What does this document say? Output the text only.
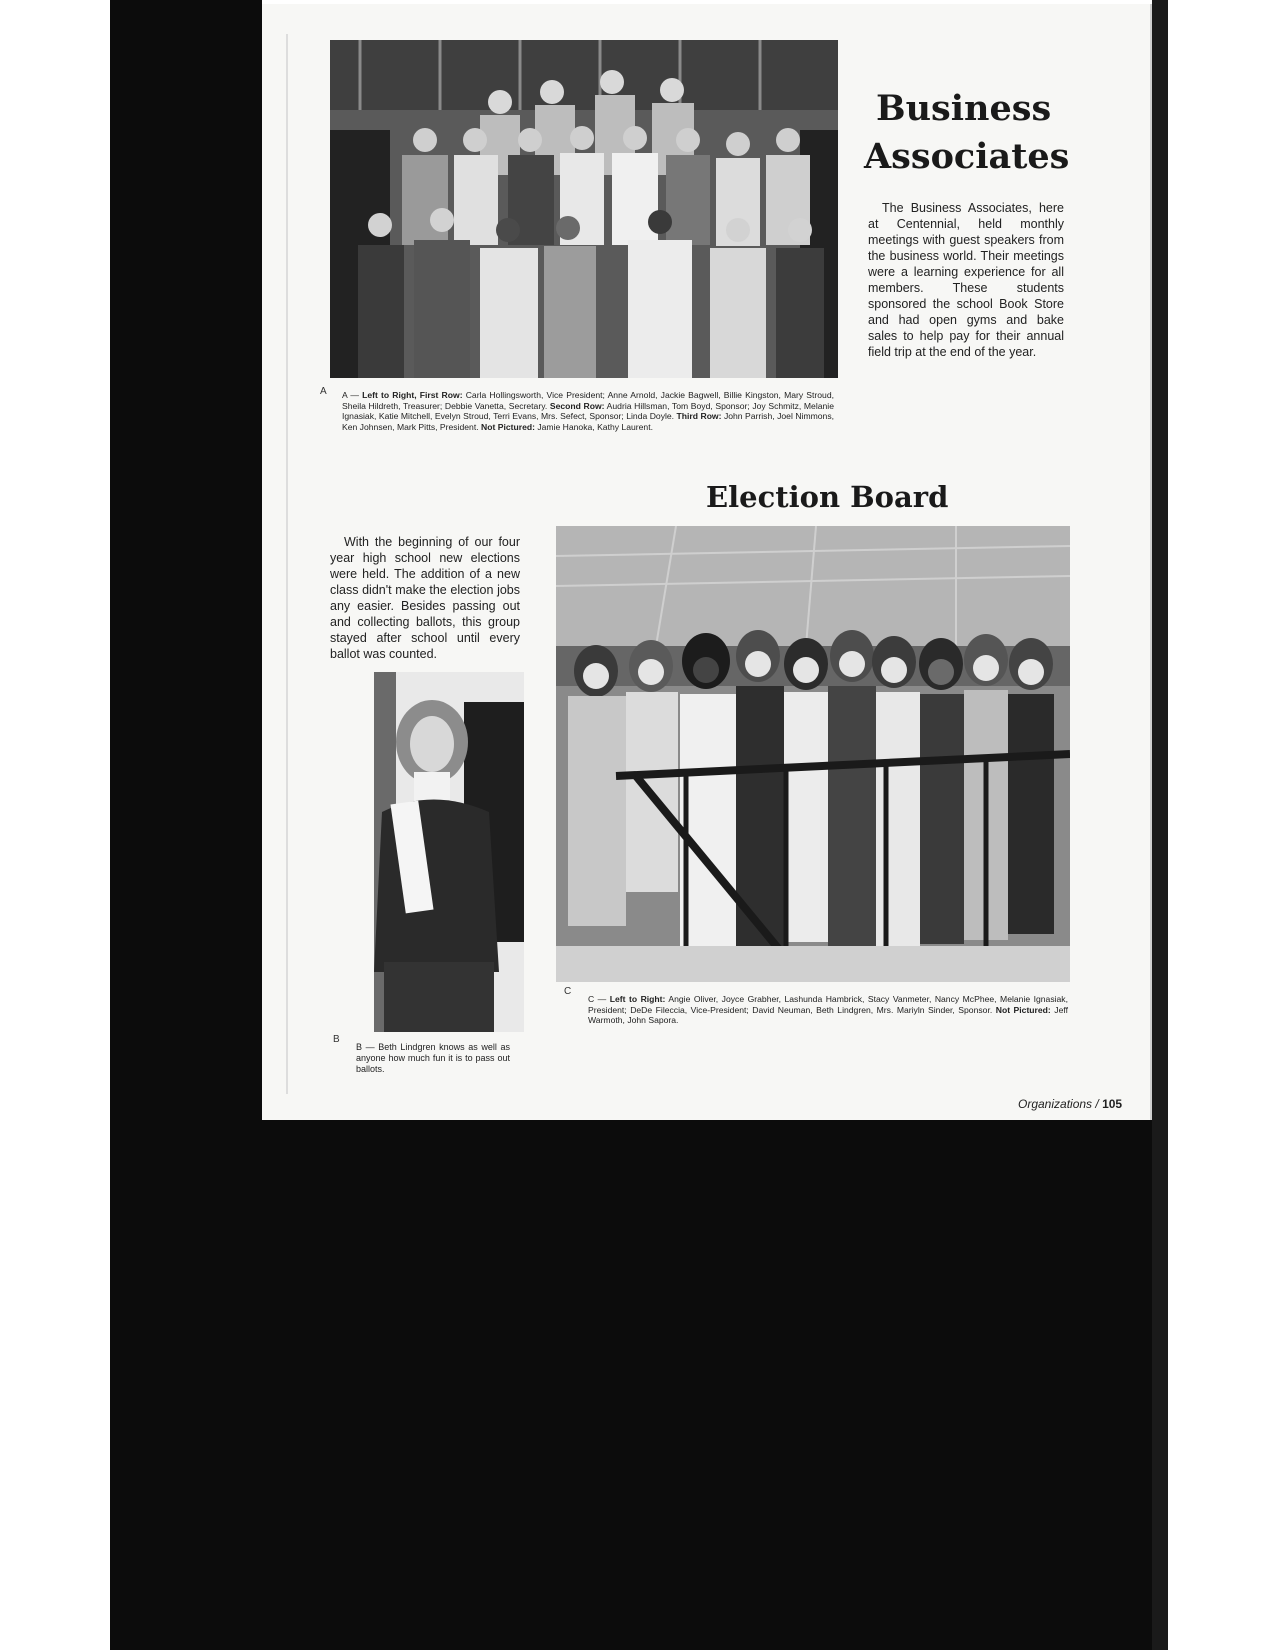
A A — Left to Right, First Row: Carla Hollingsworth, Vice President; Anne Arnold, Jackie Bagwell, Billie Kingston, Mary Stroud, Sheila Hildreth, Treasurer; Debbie Vanetta, Secretary. Second Row: Audria Hillsman, Tom Boyd, Sponsor; Joy Schmitz, Melanie Ignasiak, Katie Mitchell, Evelyn Stroud, Terri Evans, Mrs. Sefect, Sponsor; Linda Doyle. Third Row: John Parrish, Joel Nimmons, Ken Johnsen, Mark Pitts, President. Not Pictured: Jamie Hanoka, Kathy Laurent.

Business
Associates

The Business Associates, here at Centennial, held monthly meetings with guest speakers from the business world. Their meetings were a learning experience for all members. These students sponsored the school Book Store and had open gyms and bake sales to help pay for their annual field trip at the end of the year.

Election Board

With the beginning of our four year high school new elections were held. The addition of a new class didn't make the election jobs any easier. Besides passing out and collecting ballots, this group stayed after school until every ballot was counted.

B

B — Beth Lindgren knows as well as anyone how much fun it is to pass out ballots.

C

C — Left to Right: Angie Oliver, Joyce Grabher, Lashunda Hambrick, Stacy Vanmeter, Nancy McPhee, Melanie Ignasiak, President; DeDe Fileccia, Vice-President; David Neuman, Beth Lindgren, Mrs. Mariyln Sinder, Sponsor. Not Pictured: Jeff Warmoth, John Sapora.

Organizations / 105
